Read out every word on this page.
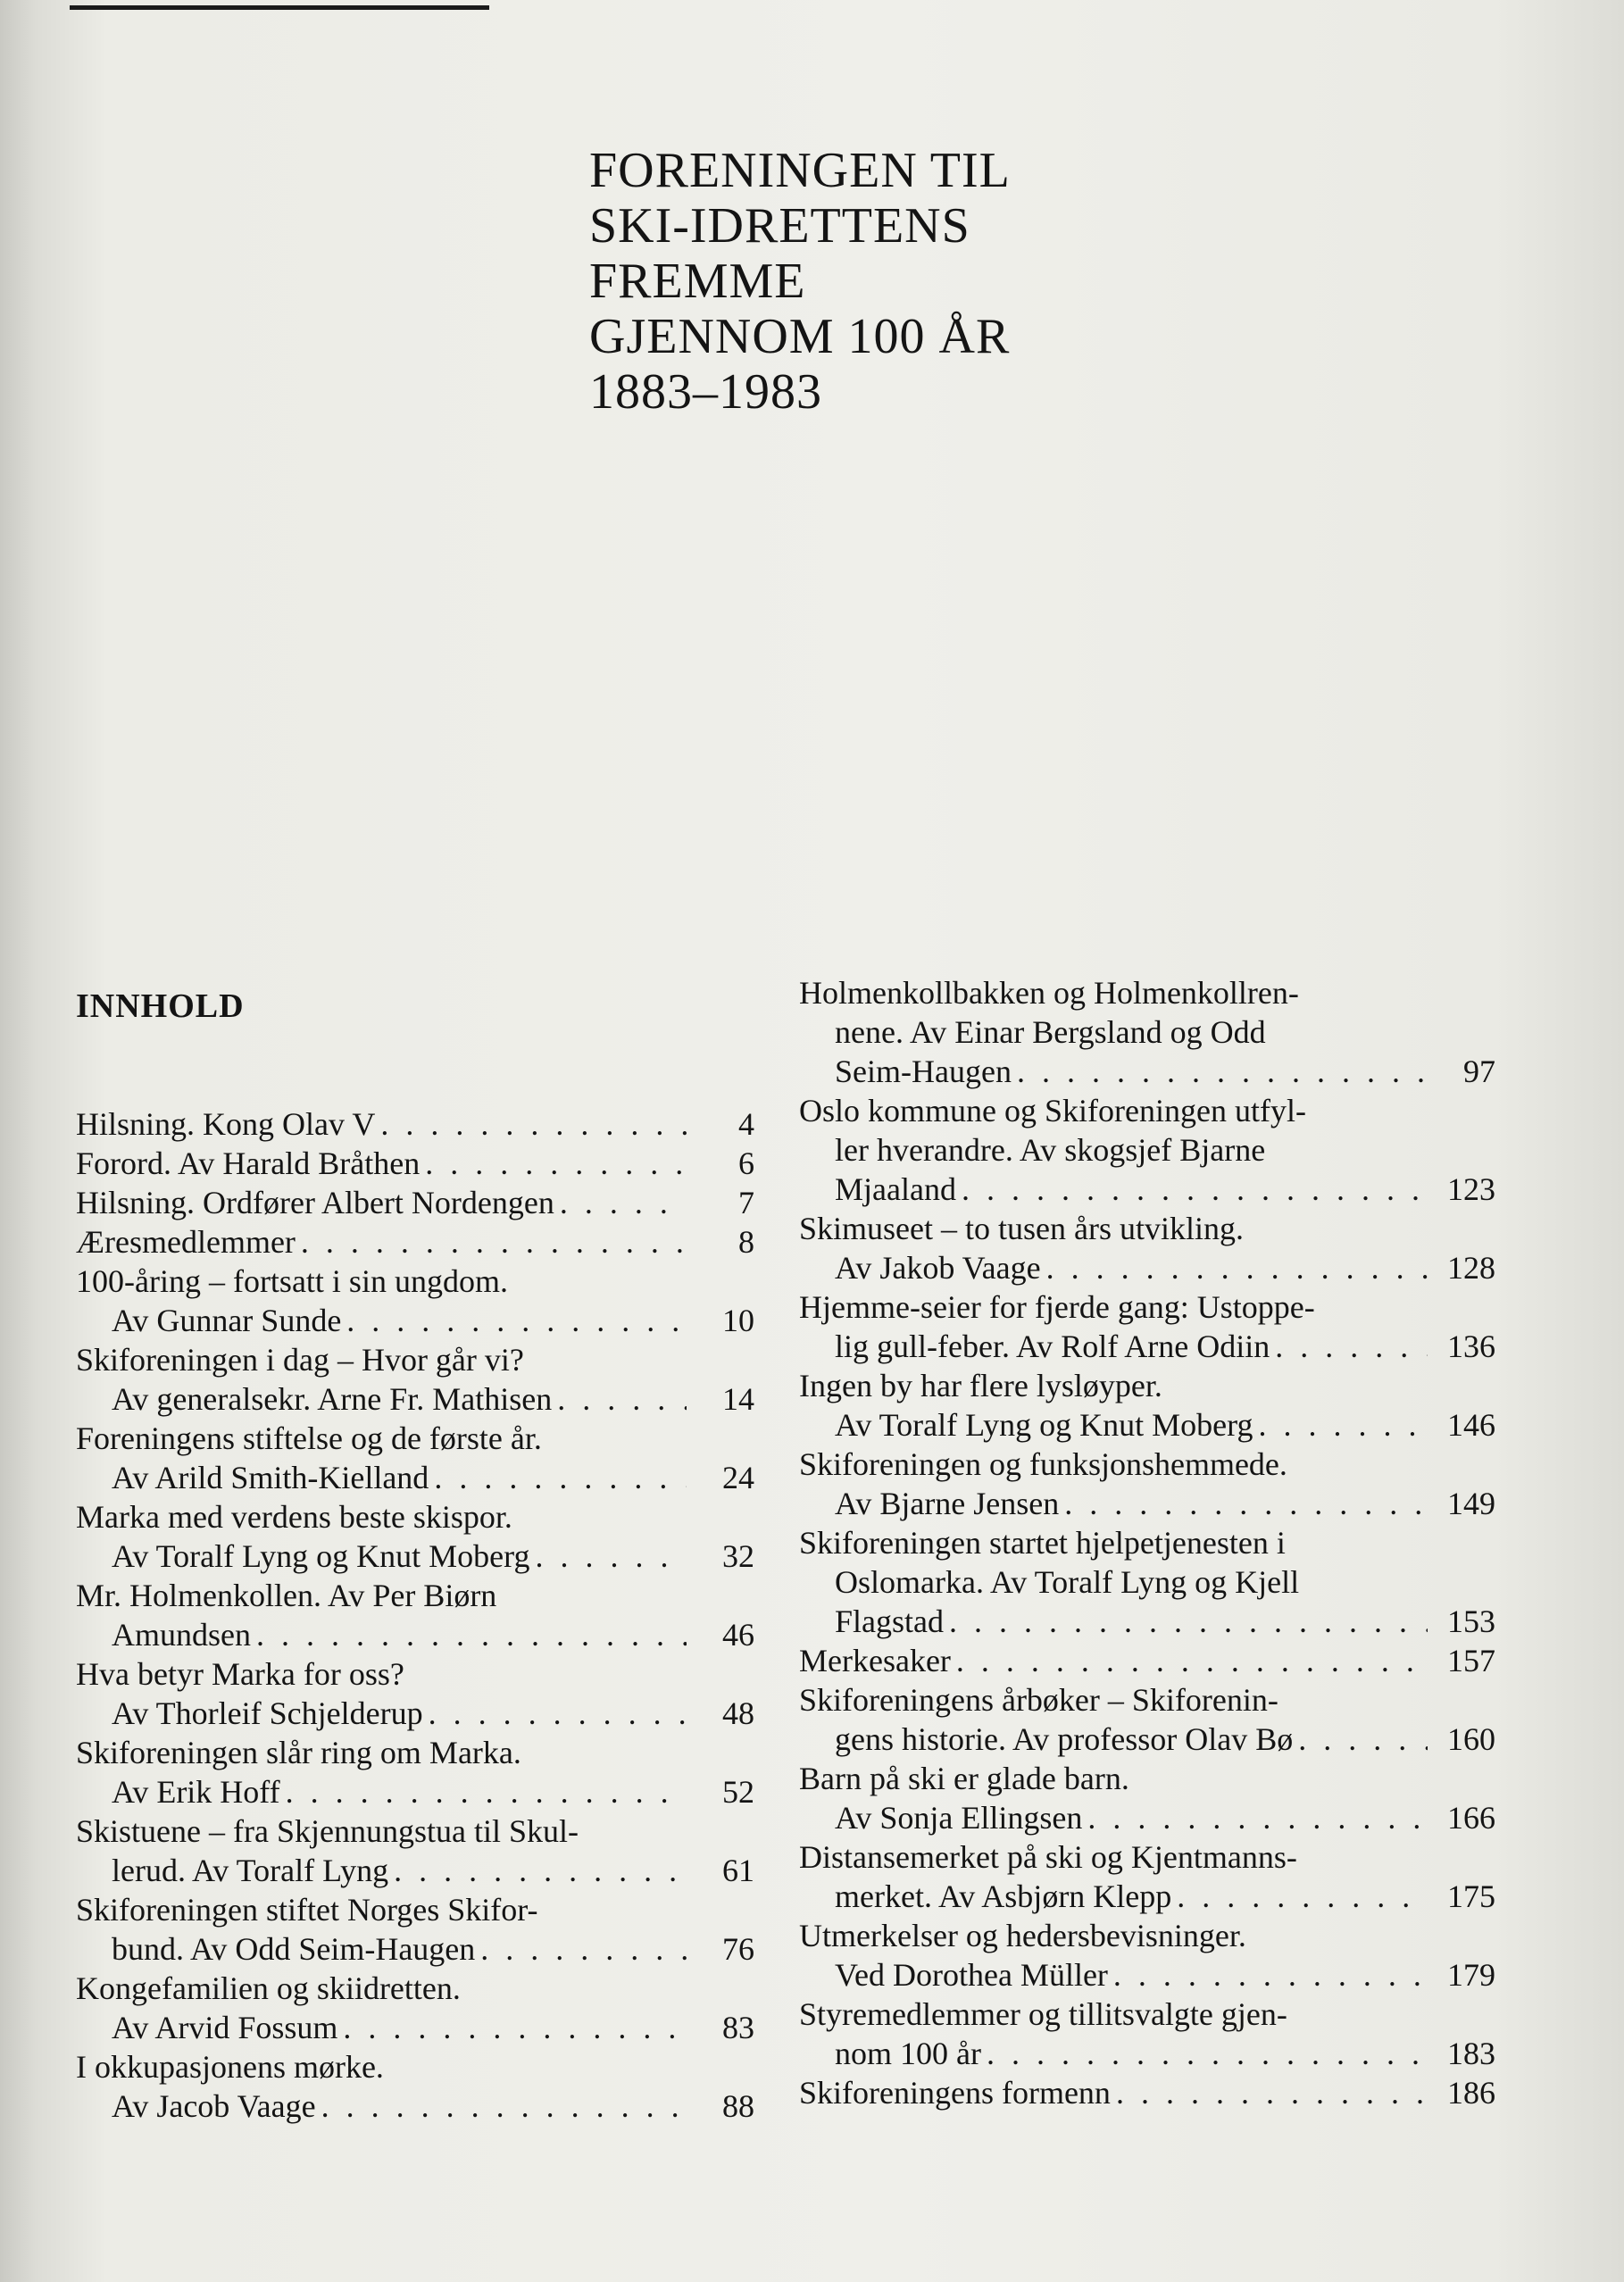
FORENINGEN TIL
SKI-IDRETTENS
FREMME
GJENNOM 100 ÅR
1883–1983
INNHOLD
Hilsning. Kong Olav V . . .	4
Forord. Av Harald Bråthen . . .	6
Hilsning. Ordfører Albert Nordengen . . .	7
Æresmedlemmer . . .	8
100-åring – fortsatt i sin ungdom.
Av Gunnar Sunde . . .	10
Skiforeningen i dag – Hvor går vi?
Av generalsekr. Arne Fr. Mathisen . . .	14
Foreningens stiftelse og de første år.
Av Arild Smith-Kielland . . .	24
Marka med verdens beste skispor.
Av Toralf Lyng og Knut Moberg . . .	32
Mr. Holmenkollen. Av Per Biørn
Amundsen . . .	46
Hva betyr Marka for oss?
Av Thorleif Schjelderup . . .	48
Skiforeningen slår ring om Marka.
Av Erik Hoff . . .	52
Skistuene – fra Skjennungstua til Skul-
lerud. Av Toralf Lyng . . .	61
Skiforeningen stiftet Norges Skifor-
bund. Av Odd Seim-Haugen . . .	76
Kongefamilien og skiidretten.
Av Arvid Fossum . . .	83
I okkupasjonens mørke.
Av Jacob Vaage . . .	88
Holmenkollbakken og Holmenkollren-
nene. Av Einar Bergsland og Odd
Seim-Haugen . . .	97
Oslo kommune og Skiforeningen utfyl-
ler hverandre. Av skogsjef Bjarne
Mjaaland . . .	123
Skimuseet – to tusen års utvikling.
Av Jakob Vaage . . .	128
Hjemme-seier for fjerde gang: Ustoppe-
lig gull-feber. Av Rolf Arne Odiin . . .	136
Ingen by har flere lysløyper.
Av Toralf Lyng og Knut Moberg . . .	146
Skiforeningen og funksjonshemmede.
Av Bjarne Jensen . . .	149
Skiforeningen startet hjelpetjenesten i
Oslomarka. Av Toralf Lyng og Kjell
Flagstad . . .	153
Merkesaker . . .	157
Skiforeningens årbøker – Skiforenin-
gens historie. Av professor Olav Bø . . .	160
Barn på ski er glade barn.
Av Sonja Ellingsen . . .	166
Distansemerket på ski og Kjentmanns-
merket. Av Asbjørn Klepp . . .	175
Utmerkelser og hedersbevisninger.
Ved Dorothea Müller . . .	179
Styremedlemmer og tillitsvalgte gjen-
nom 100 år . . .	183
Skiforeningens formenn . . .	186
